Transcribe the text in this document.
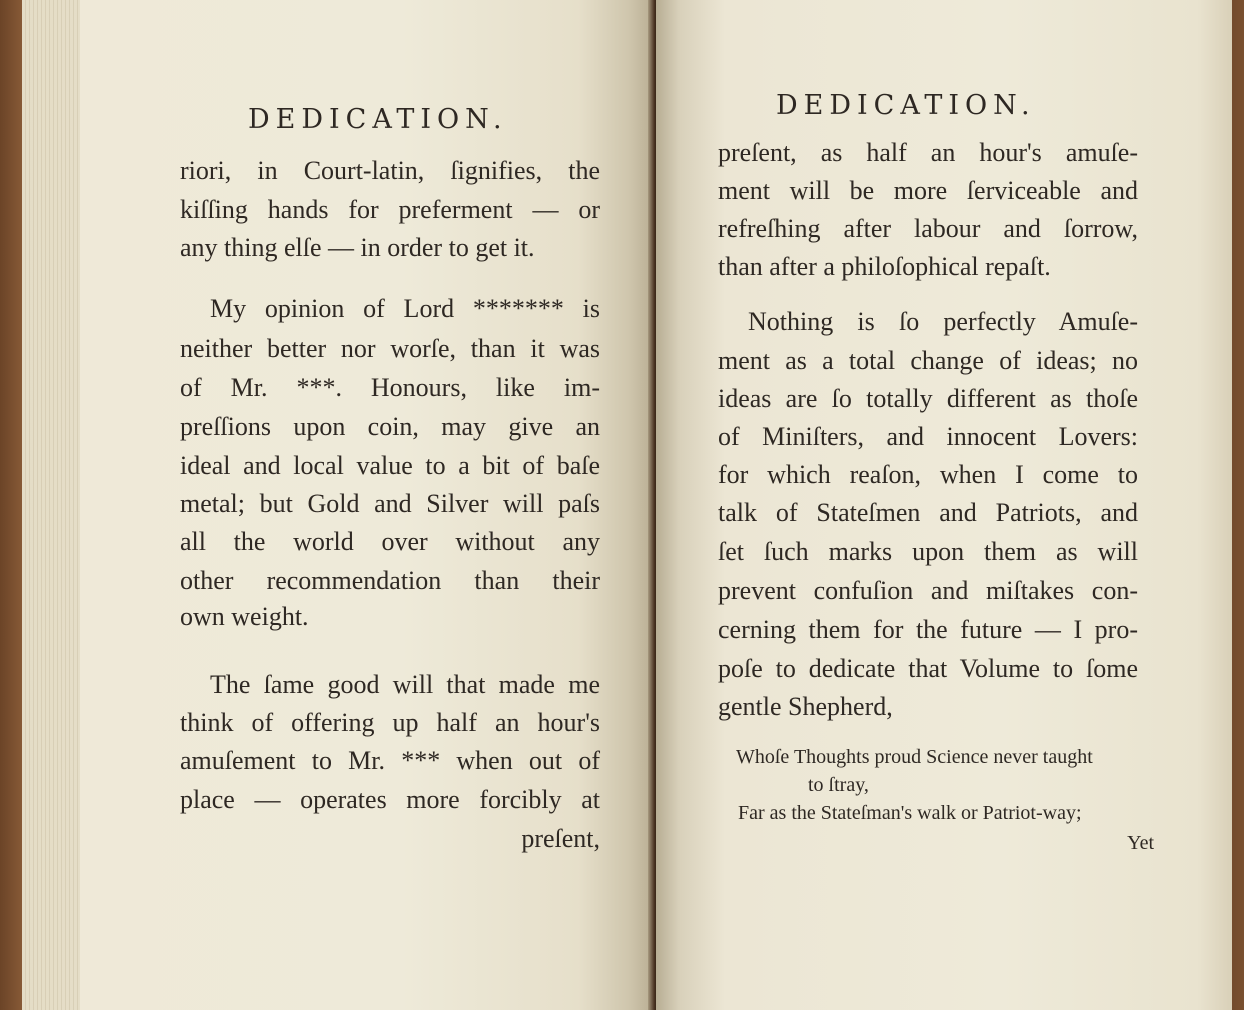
DEDICATION.
riori, in Court-latin, ſignifies, the
kiſſing hands for preferment — or
any thing elſe — in order to get it.
My opinion of Lord ******* is
neither better nor worſe, than it was
of Mr. ***. Honours, like im-
preſſions upon coin, may give an
ideal and local value to a bit of baſe
metal; but Gold and Silver will paſs
all the world over without any
other recommendation than their
own weight.
The ſame good will that made me
think of offering up half an hour's
amuſement to Mr. *** when out of
place — operates more forcibly at
preſent,
DEDICATION.
preſent, as half an hour's amuſe-
ment will be more ſerviceable and
refreſhing after labour and ſorrow,
than after a philoſophical repaſt.
Nothing is ſo perfectly Amuſe-
ment as a total change of ideas; no
ideas are ſo totally different as thoſe
of Miniſters, and innocent Lovers:
for which reaſon, when I come to
talk of Stateſmen and Patriots, and
ſet ſuch marks upon them as will
prevent confuſion and miſtakes con-
cerning them for the future — I pro-
poſe to dedicate that Volume to ſome
gentle Shepherd,
Whoſe Thoughts proud Science never taught
to ſtray,
Far as the Stateſman's walk or Patriot-way;
Yet
